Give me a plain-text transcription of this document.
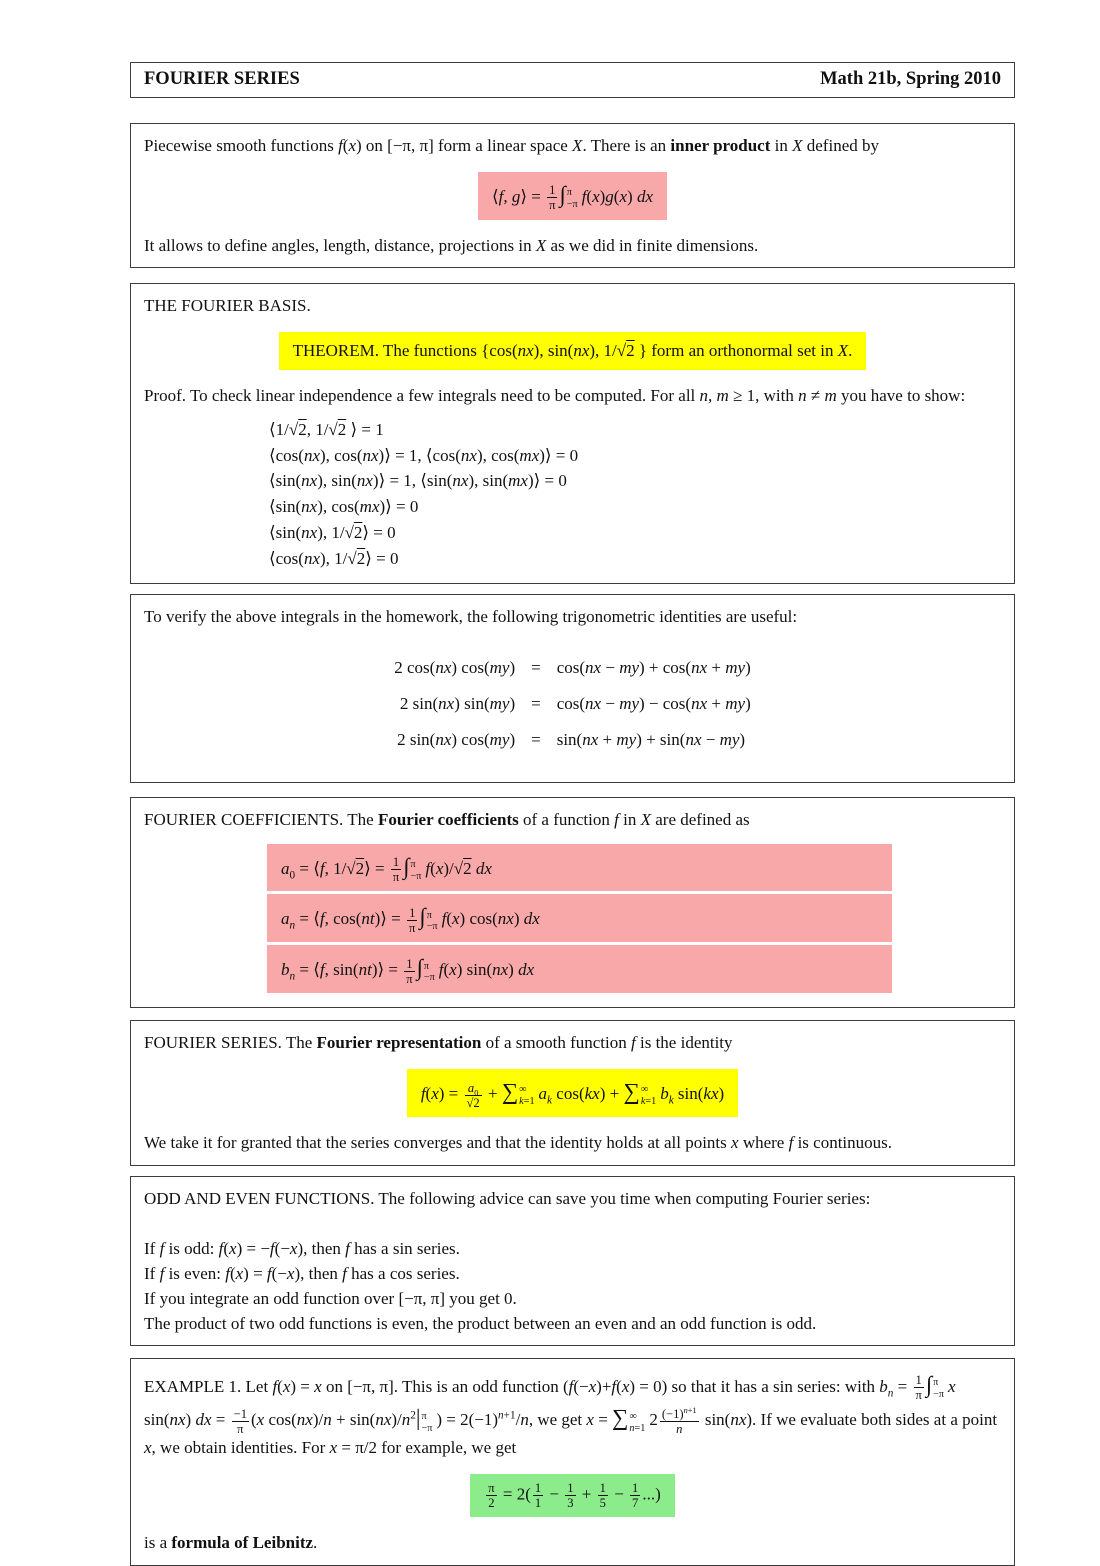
FOURIER SERIES	Math 21b, Spring 2010

Piecewise smooth functions f(x) on [−π, π] form a linear space X. There is an inner product in X defined by

⟨f, g⟩ = $\frac{1}{\pi}$ ∫ π
−π f(x)g(x) dx

It allows to define angles, length, distance, projections in X as we did in finite dimensions.

THE FOURIER BASIS.

THEOREM. The functions {cos(nx), sin(nx), 1/√2 } form an orthonormal set in X.

Proof. To check linear independence a few integrals need to be computed. For all n, m ≥ 1, with n ≠ m you have to show:

⟨1/√2, 1/√2 ⟩ = 1
⟨cos(nx), cos(nx)⟩ = 1, ⟨cos(nx), cos(mx)⟩ = 0
⟨sin(nx), sin(nx)⟩ = 1, ⟨sin(nx), sin(mx)⟩ = 0
⟨sin(nx), cos(mx)⟩ = 0
⟨sin(nx), 1/√2⟩ = 0
⟨cos(nx), 1/√2⟩ = 0

To verify the above integrals in the homework, the following trigonometric identities are useful:

2 cos(nx) cos(my) = cos(nx − my) + cos(nx + my)
2 sin(nx) sin(my) = cos(nx − my) − cos(nx + my)
2 sin(nx) cos(my) = sin(nx + my) + sin(nx − my)

FOURIER COEFFICIENTS. The Fourier coefficients of a function f in X are defined as

$a_0$ = ⟨f, 1/√2⟩ = $\frac{1}{\pi}$ ∫ π
−π f(x)/√2 dx
$a_n$ = ⟨f, cos(nt)⟩ = $\frac{1}{\pi}$ ∫ π
−π f(x) cos(nx) dx
$b_n$ = ⟨f, sin(nt)⟩ = $\frac{1}{\pi}$ ∫ π
−π f(x) sin(nx) dx

FOURIER SERIES. The Fourier representation of a smooth function f is the identity

$f(x) = \frac{a_0}{√2}$ + ∑ ∞
k=1 $a_k$ cos(kx) + ∑ ∞
k=1 $b_k$ sin(kx)

We take it for granted that the series converges and that the identity holds at all points x where f is continuous.

ODD AND EVEN FUNCTIONS. The following advice can save you time when computing Fourier series:

If f is odd: f(x) = −f(−x), then f has a sin series.
If f is even: f(x) = f(−x), then f has a cos series.
If you integrate an odd function over [−π, π] you get 0.
The product of two odd functions is even, the product between an even and an odd function is odd.

EXAMPLE 1. Let f(x) = x on [−π, π]. This is an odd function (f(−x)+f(x) = 0) so that it has a sin series: with $b_n = \frac{1}{\pi}$ ∫ π
−π x sin(nx) dx = $\frac{-1}{\pi} (x$ $\cos(nx)/n + \sin(nx)/n^2|$ π
−π ) = $2(-1)^{n+1}/n$, we get x = ∑ ∞
n=1 $2 \frac{(-1)^{n+1}}{n} \sin(nx)$. If we evaluate both sides at a point x, we obtain identities. For x = π/2 for example, we get

$\frac{\pi}{2} = 2( \frac{1}{1} - \frac{1}{3} + \frac{1}{5} - \frac{1}{7}$ ...)

is a formula of Leibnitz.
